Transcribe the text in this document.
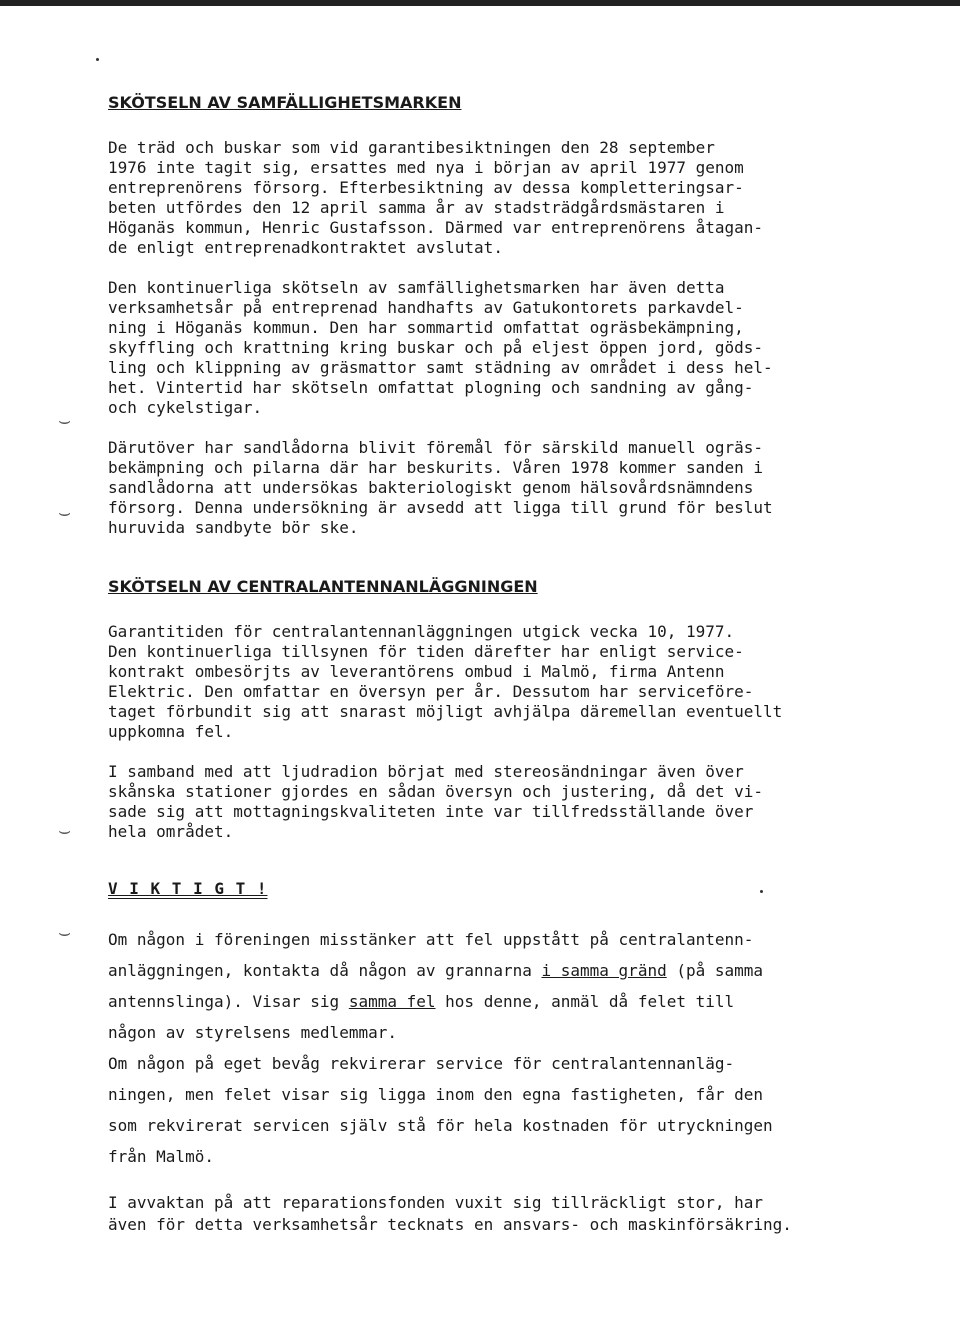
⌣
⌣
⌣
⌣
SKÖTSELN AV SAMFÄLLIGHETSMARKEN

De träd och buskar som vid garantibesiktningen den 28 september
1976 inte tagit sig, ersattes med nya i början av april 1977 genom
entreprenörens försorg. Efterbesiktning av dessa kompletteringsar-
beten utfördes den 12 april samma år av stadsträdgårdsmästaren i
Höganäs kommun, Henric Gustafsson. Därmed var entreprenörens åtagan-
de enligt entreprenadkontraktet avslutat.

Den kontinuerliga skötseln av samfällighetsmarken har även detta
verksamhetsår på entreprenad handhafts av Gatukontorets parkavdel-
ning i Höganäs kommun. Den har sommartid omfattat ogräsbekämpning,
skyffling och krattning kring buskar och på eljest öppen jord, göds-
ling och klippning av gräsmattor samt städning av området i dess hel-
het. Vintertid har skötseln omfattat plogning och sandning av gång-
och cykelstigar.

Därutöver har sandlådorna blivit föremål för särskild manuell ogräs-
bekämpning och pilarna där har beskurits. Våren 1978 kommer sanden i
sandlådorna att undersökas bakteriologiskt genom hälsovårdsnämndens
försorg. Denna undersökning är avsedd att ligga till grund för beslut
huruvida sandbyte bör ske.

SKÖTSELN AV CENTRALANTENNANLÄGGNINGEN

Garantitiden för centralantennanläggningen utgick vecka 10, 1977.
Den kontinuerliga tillsynen för tiden därefter har enligt service-
kontrakt ombesörjts av leverantörens ombud i Malmö, firma Antenn
Elektric. Den omfattar en översyn per år. Dessutom har serviceföre-
taget förbundit sig att snarast möjligt avhjälpa däremellan eventuellt
uppkomna fel.

I samband med att ljudradion börjat med stereosändningar även över
skånska stationer gjordes en sådan översyn och justering, då det vi-
sade sig att mottagningskvaliteten inte var tillfredsställande över
hela området.

V I K T I G T !
Om någon i föreningen misstänker att fel uppstått på centralantenn-
anläggningen, kontakta då någon av grannarna i samma gränd (på samma
antennslinga). Visar sig samma fel hos denne, anmäl då felet till
någon av styrelsens medlemmar.

Om någon på eget bevåg rekvirerar service för centralantennanläg-
ningen, men felet visar sig ligga inom den egna fastigheten, får den
som rekvirerat servicen själv stå för hela kostnaden för utryckningen
från Malmö.

I avvaktan på att reparationsfonden vuxit sig tillräckligt stor, har
även för detta verksamhetsår tecknats en ansvars- och maskinförsäkring.
